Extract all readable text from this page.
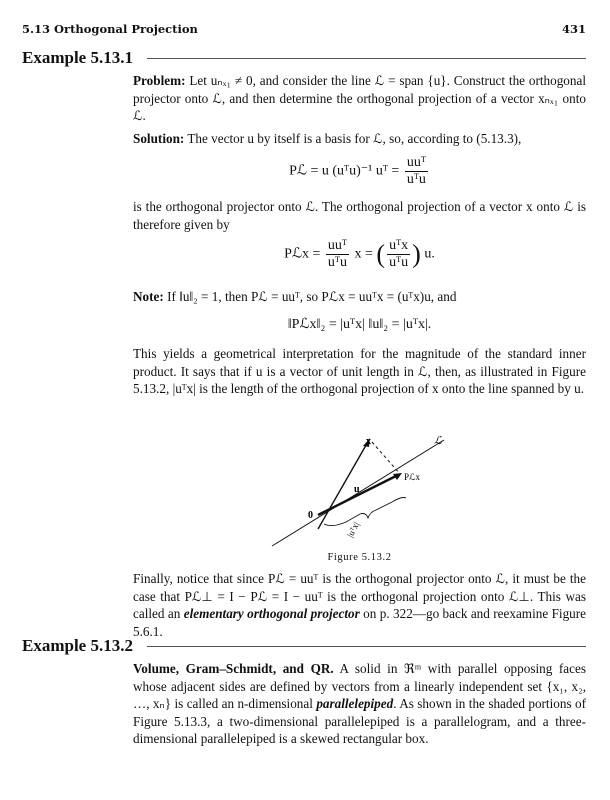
5.13 Orthogonal Projection	431
Example 5.13.1
Problem: Let uₙₓ₁ ≠ 0, and consider the line ℒ = span {u}. Construct the orthogonal projector onto ℒ, and then determine the orthogonal projection of a vector xₙₓ₁ onto ℒ.
Solution: The vector u by itself is a basis for ℒ, so, according to (5.13.3),
Pℒ = u (uᵀu)⁻¹ uᵀ = $\frac{\text{uuᵀ}}{\text{uᵀu}}$
is the orthogonal projector onto ℒ. The orthogonal projection of a vector x onto ℒ is therefore given by
Pℒx = $\frac{\text{uuᵀ}}{\text{uᵀu}}$ x = ( $\frac{\text{uᵀx}}{\text{uᵀu}}$ ) u.
Note: If ‖u‖₂ = 1, then Pℒ = uuᵀ, so Pℒx = uuᵀx = (uᵀx)u, and
‖Pℒx‖₂ = |uᵀx| ‖u‖₂ = |uᵀx|.
This yields a geometrical interpretation for the magnitude of the standard inner product. It says that if u is a vector of unit length in ℒ, then, as illustrated in Figure 5.13.2, |uᵀx| is the length of the orthogonal projection of x onto the line spanned by u.
x	ℒ
Pℒx
u
0
|uᵀx|
Figure 5.13.2
Finally, notice that since Pℒ = uuᵀ is the orthogonal projector onto ℒ, it must be the case that Pℒ⊥ = I − Pℒ = I − uuᵀ is the orthogonal projection onto ℒ⊥. This was called an elementary orthogonal projector on p. 322—go back and reexamine Figure 5.6.1.
Example 5.13.2
Volume, Gram–Schmidt, and QR. A solid in ℜᵐ with parallel opposing faces whose adjacent sides are defined by vectors from a linearly independent set {x₁, x₂, …, xₙ} is called an n-dimensional parallelepiped. As shown in the shaded portions of Figure 5.13.3, a two-dimensional parallelepiped is a parallelogram, and a three-dimensional parallelepiped is a skewed rectangular box.
